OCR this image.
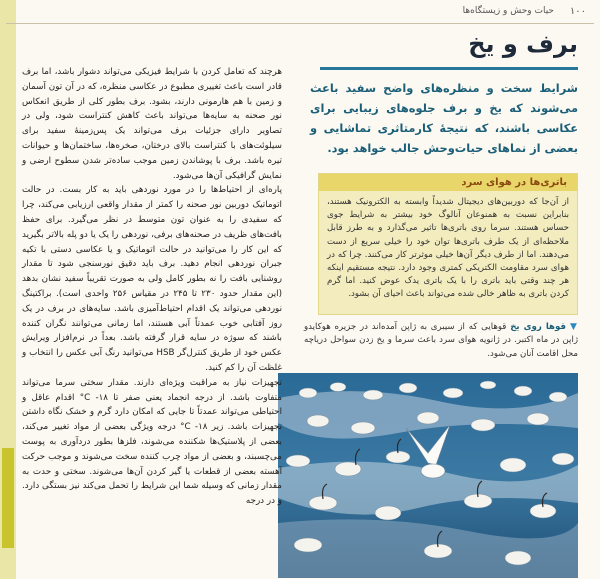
۱۰۰
حیات وحش و زیستگاه‌ها
برف و یخ
شرایط سخت و منظره‌های واضح سفید باعث می‌شوند که یخ و برف جلوه‌های زیبایی برای عکاسی باشند، که نتیجهٔ کارمتاثری تماشایی و بعضی از نماهای حیات‌وحش جالب خواهد بود.
باتری‌ها در هوای سرد
از آن‌جا که دوربین‌های دیجیتال شدیداً وابسته به الکترونیک هستند، بنابراین نسبت به همنوعان آنالوگ خود بیشتر به شرایط جوی حساس هستند. سرما روی باتری‌ها تاثیر می‌گذارد و به طرز قابل ملاحظه‌ای از یک طرف باتری‌ها توان خود را خیلی سریع از دست می‌دهند. اما از طرف دیگر آن‌ها خیلی موثرتر کار می‌کنند. چرا که در هوای سرد مقاومت الکتریکی کمتری وجود دارد. نتیجه مستقیم اینکه هر چند وقتی باید باتری را با یک باتری یدک عوض کنید. اما گرم کردن باتری به ظاهر خالی شده می‌تواند باعث احیای آن بشود.
▼قوها روی یخ قوهایی که از سیبری به ژاپن آمده‌اند در جزیره هوکایدو ژاپن در ماه اکتبر. در ژانویه هوای سرد باعث سرما و یخ زدن سواحل دریاچه محل اقامت آنان می‌شود.

هرچند که تعامل کردن با شرایط فیزیکی می‌تواند دشوار باشد، اما برف قادر است باعث تغییری مطبوع در عکاسی منظره، که در آن تون آسمان و زمین با هم هارمونی دارند، بشود. برف بطور کلی از طریق انعکاس نور صحنه به سایه‌ها می‌تواند باعث کاهش کنتراست شود، ولی در تصاویر دارای جزئیات برف می‌تواند یک پس‌زمینهٔ سفید برای سیلوئت‌های با کنتراست بالای درختان، صخره‌ها، ساختمان‌ها و حیوانات تیره باشد. برف با پوشاندن زمین موجب ساده‌تر شدن سطوح ارضی و نمایش گرافیکی آن‌ها می‌شود.

پاره‌ای از احتیاط‌ها را در مورد نوردهی باید به کار بست. در حالت اتوماتیک دوربین نور صحنه را کمتر از مقدار واقعی ارزیابی می‌کند، چرا که سفیدی را به عنوان تون متوسط در نظر می‌گیرد. برای حفظ بافت‌های ظریف در صحنه‌های برفی، نوردهی را یک یا دو پله بالاتر بگیرید که این کار را می‌توانید در حالت اتوماتیک و یا عکاسی دستی با تکیه جبران نوردهی انجام دهید. برف باید دقیق نورسنجی شود تا مقدار روشنایی بافت را نه بطور کامل ولی به صورت تقریباً سفید نشان بدهد (این مقدار حدود ۲۳۰ تا ۲۴۵ در مقیاس ۲۵۶ واحدی است). براکتینگ نوردهی می‌تواند یک اقدام احتیاط‌آمیزی باشد. سایه‌های در برف در یک روز آفتابی خوب عمدتاً آبی هستند، اما زمانی می‌توانند نگران کننده باشند که سوژه در سایه قرار گرفته باشد. بعداً در نرم‌افزار ویرایش عکس خود از طریق کنترل‌گر HSB می‌توانید رنگ آبی عکس را انتخاب و غلظت آن را کم کنید.

تجهیزات نیاز به مراقبت ویژه‌ای دارند. مقدار سختی سرما می‌تواند متفاوت باشد. از درجه انجماد یعنی صفر تا ۱۸- C° اقدام عاقل و احتیاطی می‌تواند عمدتاً تا جایی که امکان دارد گرم و خشک نگاه داشتن تجهیزات باشد. زیر ۱۸- C° درجه ویژگی بعضی از مواد تغییر می‌کند، بعضی از پلاستیک‌ها شکننده می‌شوند، فلزها بطور دردآوری به پوست می‌چسبند، و بعضی از مواد چرب کننده سخت می‌شوند و موجب حرکت آهسته بعضی از قطعات یا گیر کردن آن‌ها می‌شوند. سختی و حدت به مقدار زمانی که وسیله شما این شرایط را تحمل می‌کند نیز بستگی دارد. و در درجه
